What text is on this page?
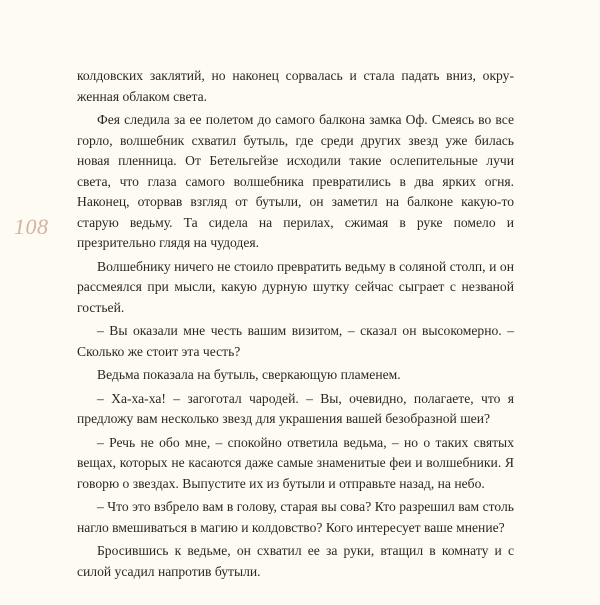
108

колдовских заклятий, но наконец сорвалась и стала падать вниз, окруженная облаком света.

Фея следила за ее полетом до самого балкона замка Оф. Смеясь во все горло, волшебник схватил бутыль, где среди других звезд уже билась новая пленница. От Бетельгейзе исходили такие ослепительные лучи света, что глаза самого волшебника превратились в два ярких огня. Наконец, оторвав взгляд от бутыли, он заметил на балконе какую-то старую ведьму. Та сидела на перилах, сжимая в руке помело и презрительно глядя на чудодея.

Волшебнику ничего не стоило превратить ведьму в соляной столп, и он рассмеялся при мысли, какую дурную шутку сейчас сыграет с незваной гостьей.

– Вы оказали мне честь вашим визитом, – сказал он высокомерно. – Сколько же стоит эта честь?

Ведьма показала на бутыль, сверкающую пламенем.

– Ха-ха-ха! – загоготал чародей. – Вы, очевидно, полагаете, что я предложу вам несколько звезд для украшения вашей безобразной шеи?

– Речь не обо мне, – спокойно ответила ведьма, – но о таких святых вещах, которых не касаются даже самые знаменитые феи и волшебники. Я говорю о звездах. Выпустите их из бутыли и отправьте назад, на небо.

– Что это взбрело вам в голову, старая вы сова? Кто разрешил вам столь нагло вмешиваться в магию и колдовство? Кого интересует ваше мнение?

Бросившись к ведьме, он схватил ее за руки, втащил в комнату и с силой усадил напротив бутыли.
